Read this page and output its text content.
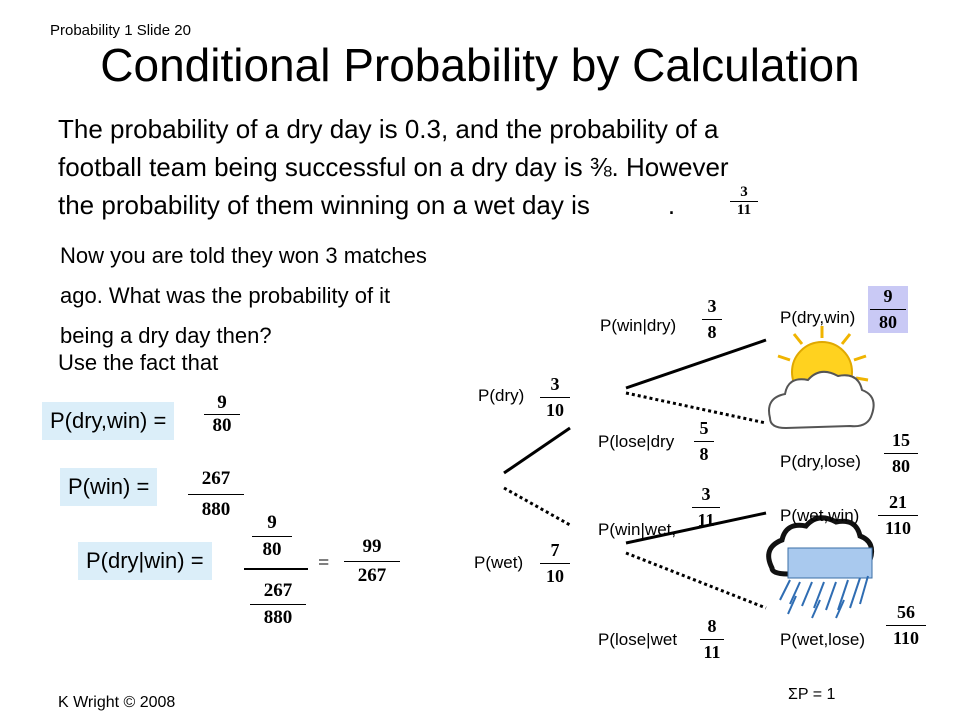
Probability 1 Slide 20
Conditional Probability by Calculation
The probability of a dry day is 0.3, and the probability of a
football team being successful on a dry day is ⅜. However
the probability of them winning on a wet day is	.	3
11
Now you are told they won 3 matches
ago. What was the probability of it
being a dry day then?
Use the fact that
P(dry,win) =
9
80
P(win) =	267
880
P(dry|win) =
9
80
267
880
=
99
267
P(dry)
3
10
P(wet)
7
10
P(win|dry)
3
8
P(lose|dry
5
8
P(win|wet,
3
11
P(lose|wet
8
11
P(dry,win)
9
80
P(dry,lose)
15
80
P(wet,win)
21
110
P(wet,lose)
56
110
ΣP = 1
K Wright © 2008
